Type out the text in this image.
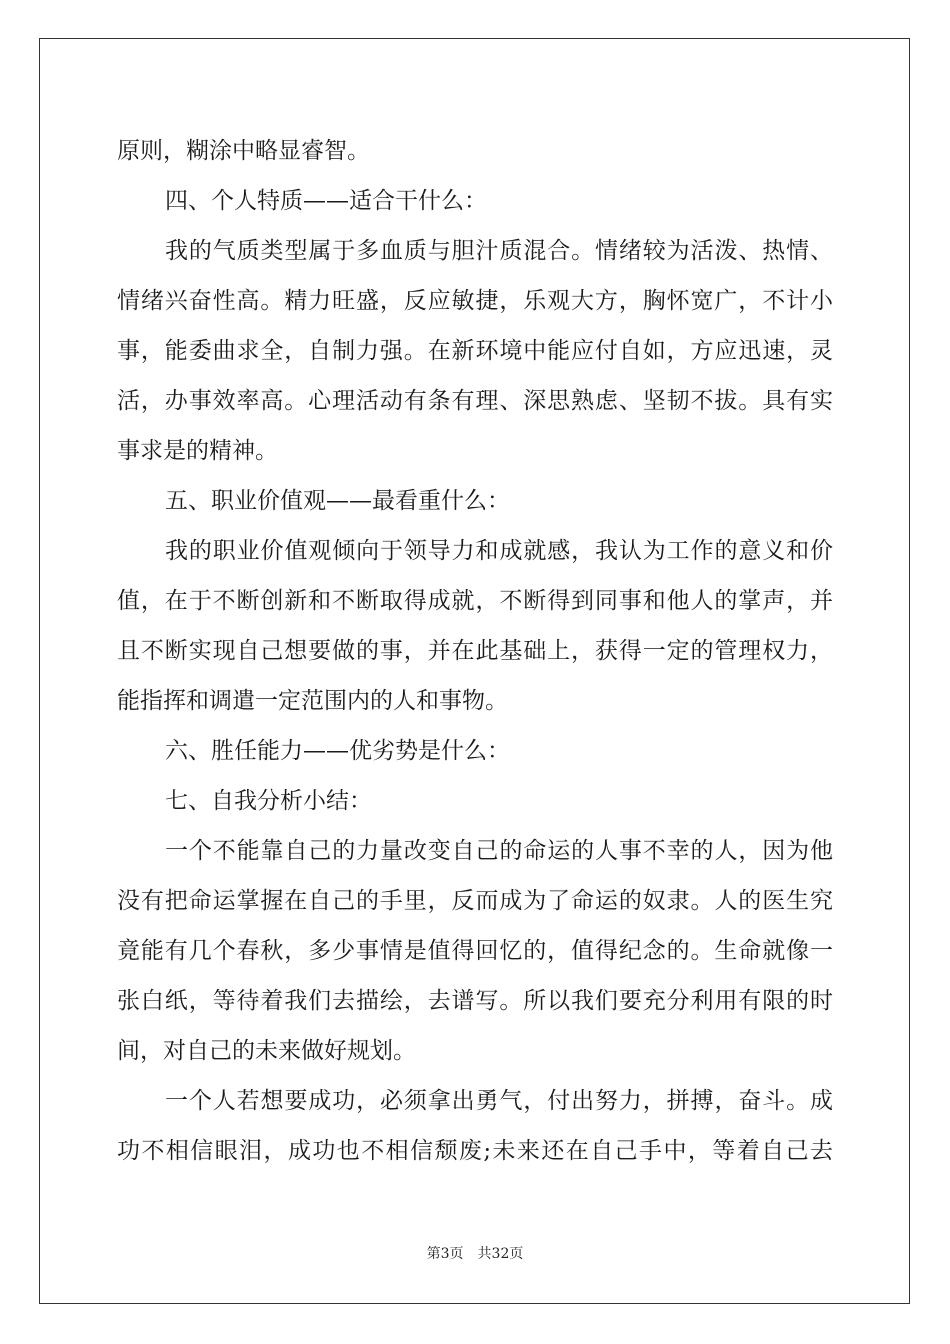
原则，糊涂中略显睿智。
四、个人特质——适合干什么：
我的气质类型属于多血质与胆汁质混合。情绪较为活泼、热情、
情绪兴奋性高。精力旺盛，反应敏捷，乐观大方，胸怀宽广，不计小
事，能委曲求全，自制力强。在新环境中能应付自如，方应迅速，灵
活，办事效率高。心理活动有条有理、深思熟虑、坚韧不拔。具有实
事求是的精神。
五、职业价值观——最看重什么：
我的职业价值观倾向于领导力和成就感，我认为工作的意义和价
值，在于不断创新和不断取得成就，不断得到同事和他人的掌声，并
且不断实现自己想要做的事，并在此基础上，获得一定的管理权力，
能指挥和调遣一定范围内的人和事物。
六、胜任能力——优劣势是什么：
七、自我分析小结：
一个不能靠自己的力量改变自己的命运的人事不幸的人，因为他
没有把命运掌握在自己的手里，反而成为了命运的奴隶。人的医生究
竟能有几个春秋，多少事情是值得回忆的，值得纪念的。生命就像一
张白纸，等待着我们去描绘，去谱写。所以我们要充分利用有限的时
间，对自己的未来做好规划。
一个人若想要成功，必须拿出勇气，付出努力，拼搏，奋斗。成
功不相信眼泪，成功也不相信颓废;未来还在自己手中，等着自己去
第3页 共32页
